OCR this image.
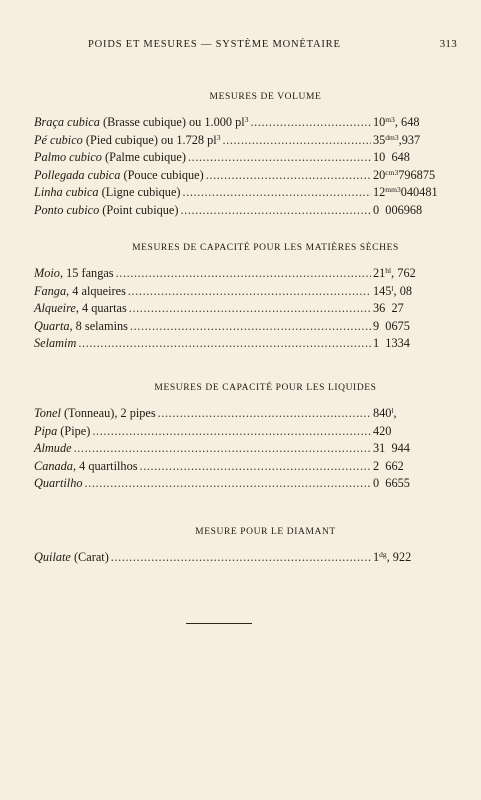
POIDS ET MESURES — SYSTÈME MONÉTAIRE	313
MESURES DE VOLUME
Braça cubica (Brasse cubique) ou 1.000 $pl^3$ .....	$10^{m3}$, 648
Pé cubico (Pied cubique) ou 1.728 $pl^3$ .....	$35^{dm3},937$
Palmo cubico (Palme cubique) .....	10  648
Pollegada cubica (Pouce cubique) .....	$20^{cm3}796875$
Linha cubica (Ligne cubique) .....	$12^{mm3}040481$
Ponto cubico (Point cubique) .....	0  006968
MESURES DE CAPACITÉ POUR LES MATIÈRES SÈCHES
Moio, 15 fangas .....	$21^{hl}$, 762
Fanga, 4 alqueires .....	145$^l$, 08
Alqueire, 4 quartas .....	36  27
Quarta, 8 selamins .....	9  0675
Selamim .....	1  1334
MESURES DE CAPACITÉ POUR LES LIQUIDES
Tonel (Tonneau), 2 pipes .....	840$^l$,
Pipa (Pipe) .....	420
Almude .....	31  944
Canada, 4 quartilhos .....	2  662
Quartilho .....	0  6655
MESURE POUR LE DIAMANT
Quilate (Carat) .....	$1^{dg}$, 922
